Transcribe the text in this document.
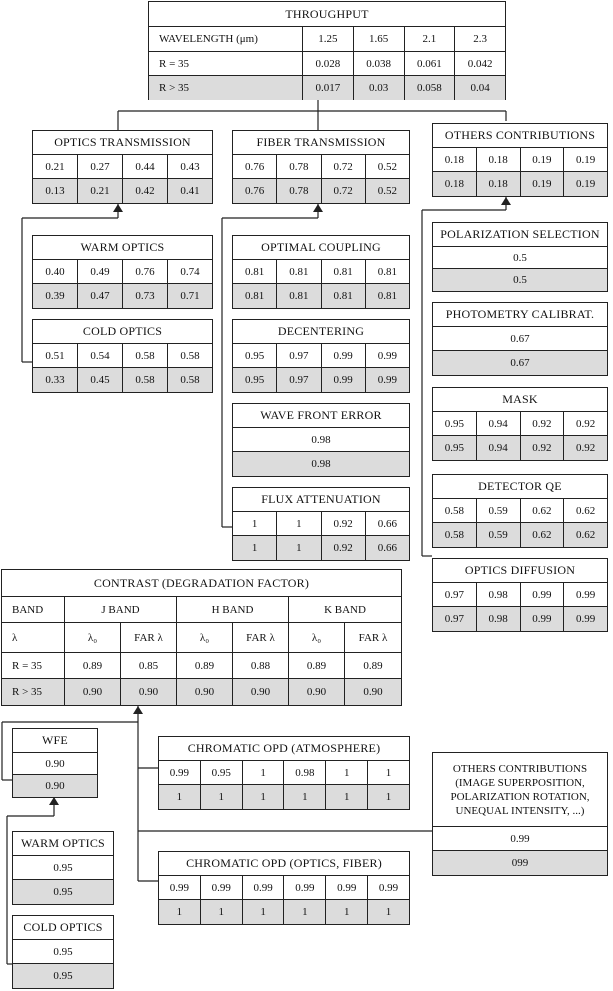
THROUGHPUT
WAVELENGTH (μm)	1.25	1.65	2.1	2.3
R = 35	0.028	0.038	0.061	0.042
R > 35	0.017	0.03	0.058	0.04
OPTICS TRANSMISSION
0.21	0.27	0.44	0.43
0.13	0.21	0.42	0.41
FIBER TRANSMISSION
0.76	0.78	0.72	0.52
0.76	0.78	0.72	0.52
OTHERS CONTRIBUTIONS
0.18	0.18	0.19	0.19
0.18	0.18	0.19	0.19
WARM OPTICS
0.40	0.49	0.76	0.74
0.39	0.47	0.73	0.71
COLD OPTICS
0.51	0.54	0.58	0.58
0.33	0.45	0.58	0.58
OPTIMAL COUPLING
0.81	0.81	0.81	0.81
0.81	0.81	0.81	0.81
DECENTERING
0.95	0.97	0.99	0.99
0.95	0.97	0.99	0.99
WAVE FRONT ERROR
0.98
0.98
FLUX ATTENUATION
1	1	0.92	0.66
1	1	0.92	0.66
POLARIZATION SELECTION
0.5
0.5
PHOTOMETRY CALIBRAT.
0.67
0.67
MASK
0.95	0.94	0.92	0.92
0.95	0.94	0.92	0.92
DETECTOR QE
0.58	0.59	0.62	0.62
0.58	0.59	0.62	0.62
OPTICS DIFFUSION
0.97	0.98	0.99	0.99
0.97	0.98	0.99	0.99
CONTRAST (DEGRADATION FACTOR)
BAND	J BAND	H BAND	K BAND
λ	λ₀	FAR λ	λ₀	FAR λ	λ₀	FAR λ
R = 35	0.89	0.85	0.89	0.88	0.89	0.89
R > 35	0.90	0.90	0.90	0.90	0.90	0.90
WFE
0.90
0.90
CHROMATIC OPD (ATMOSPHERE)
0.99	0.95	1	0.98	1	1
1	1	1	1	1	1
OTHERS CONTRIBUTIONS
(IMAGE SUPERPOSITION,
POLARIZATION ROTATION,
UNEQUAL INTENSITY, ...)
0.99
099
WARM OPTICS
0.95
0.95
CHROMATIC OPD (OPTICS, FIBER)
0.99	0.99	0.99	0.99	0.99	0.99
1	1	1	1	1	1
COLD OPTICS
0.95
0.95
